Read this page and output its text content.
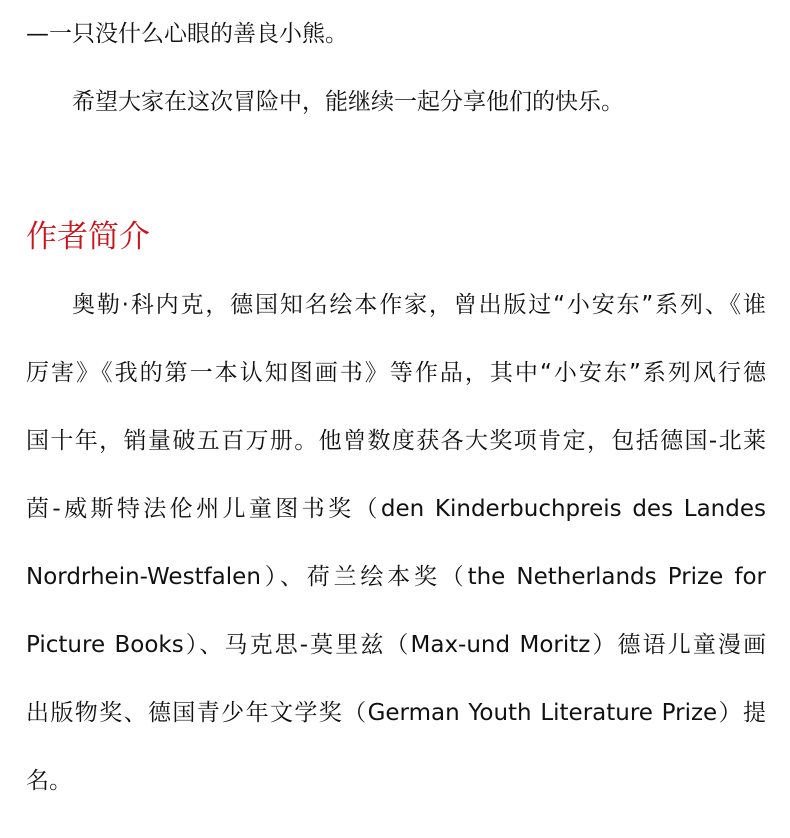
—一只没什么心眼的善良小熊。
希望大家在这次冒险中，能继续一起分享他们的快乐。
作者简介
奥勒·科内克，德国知名绘本作家，曾出版过“小安东”系列、《谁
厉害》《我的第一本认知图画书》等作品，其中“小安东”系列风行德
国十年，销量破五百万册。他曾数度获各大奖项肯定，包括德国-北莱
茵-威斯特法伦州儿童图书奖（den Kinderbuchpreis des Landes
Nordrhein-Westfalen）、荷兰绘本奖（the Netherlands Prize for
Picture Books）、马克思-莫里兹（Max-und Moritz）德语儿童漫画
出版物奖、德国青少年文学奖（German Youth Literature Prize）提
名。
